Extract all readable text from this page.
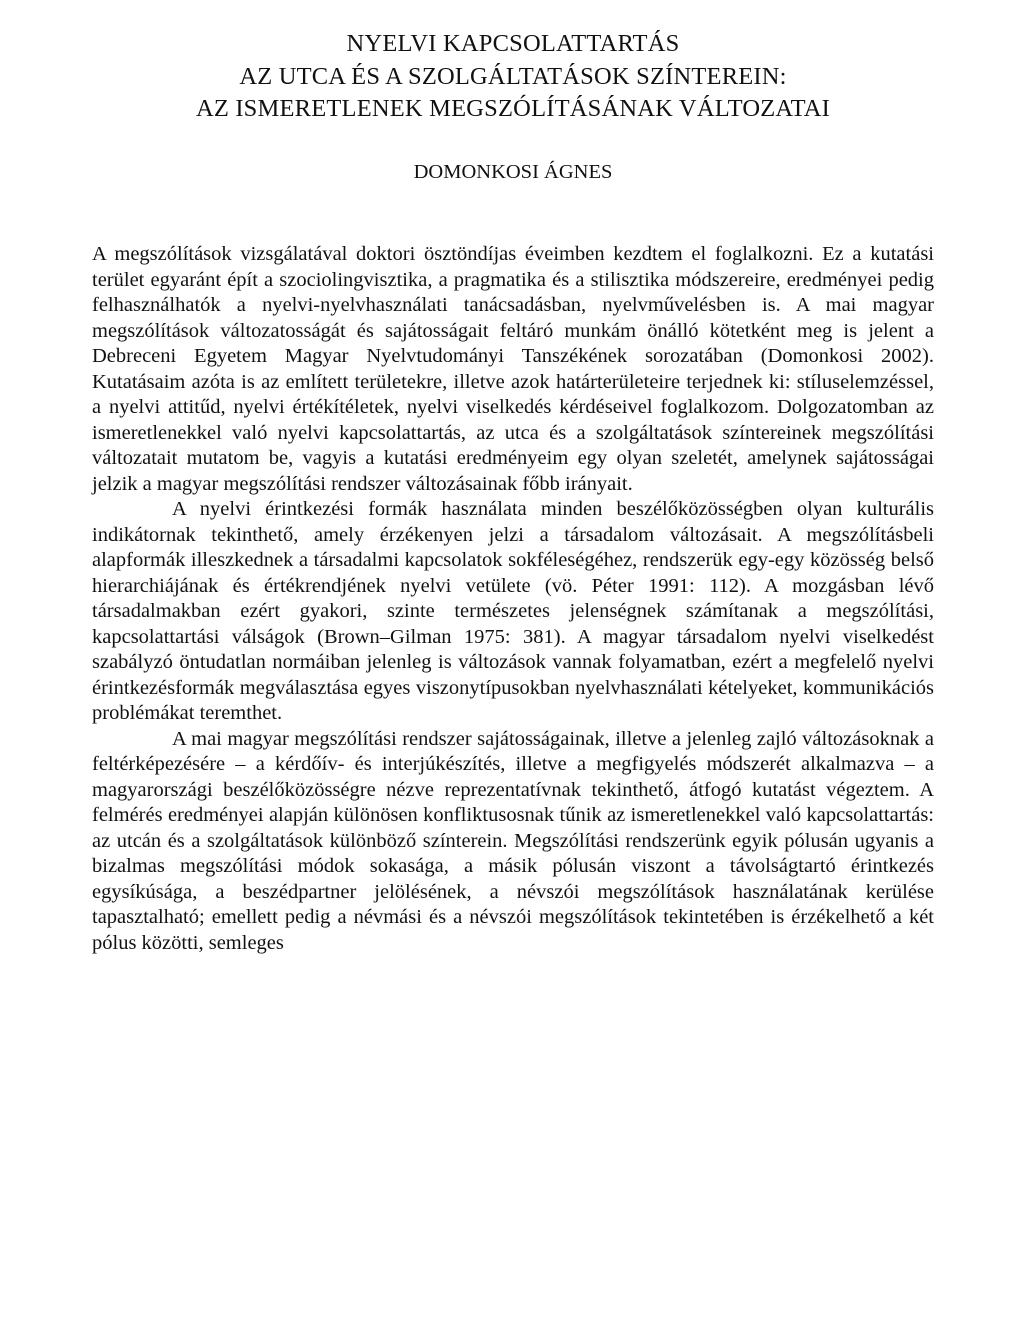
NYELVI KAPCSOLATTARTÁS
AZ UTCA ÉS A SZOLGÁLTATÁSOK SZÍNTEREIN:
AZ ISMERETLENEK MEGSZÓLÍTÁSÁNAK VÁLTOZATAI
DOMONKOSI ÁGNES

A megszólítások vizsgálatával doktori ösztöndíjas éveimben kezdtem el foglalkozni. Ez a kutatási terület egyaránt épít a szociolingvisztika, a pragmatika és a stilisztika módszereire, eredményei pedig felhasználhatók a nyelvi-nyelvhasználati tanácsadásban, nyelvművelésben is. A mai magyar megszólítások változatosságát és sajátosságait feltáró munkám önálló kötetként meg is jelent a Debreceni Egyetem Magyar Nyelvtudományi Tanszékének sorozatában (Domonkosi 2002). Kutatásaim azóta is az említett területekre, illetve azok határterületeire terjednek ki: stíluselemzéssel, a nyelvi attitűd, nyelvi értékítéletek, nyelvi viselkedés kérdéseivel foglalkozom. Dolgozatomban az ismeretlenekkel való nyelvi kapcsolattartás, az utca és a szolgáltatások színtereinek megszólítási változatait mutatom be, vagyis a kutatási eredményeim egy olyan szeletét, amelynek sajátosságai jelzik a magyar megszólítási rendszer változásainak főbb irányait.

A nyelvi érintkezési formák használata minden beszélőközösségben olyan kulturális indikátornak tekinthető, amely érzékenyen jelzi a társadalom változásait. A megszólításbeli alapformák illeszkednek a társadalmi kapcsolatok sokféleségéhez, rendszerük egy-egy közösség belső hierarchiájának és értékrendjének nyelvi vetülete (vö. Péter 1991: 112). A mozgásban lévő társadalmakban ezért gyakori, szinte természetes jelenségnek számítanak a megszólítási, kapcsolattartási válságok (Brown–Gilman 1975: 381). A magyar társadalom nyelvi viselkedést szabályzó öntudatlan normáiban jelenleg is változások vannak folyamatban, ezért a megfelelő nyelvi érintkezésformák megválasztása egyes viszonytípusokban nyelvhasználati kételyeket, kommunikációs problémákat teremthet.

A mai magyar megszólítási rendszer sajátosságainak, illetve a jelenleg zajló változásoknak a feltérképezésére – a kérdőív- és interjúkészítés, illetve a megfigyelés módszerét alkalmazva – a magyarországi beszélőközösségre nézve reprezentatívnak tekinthető, átfogó kutatást végeztem. A felmérés eredményei alapján különösen konfliktusosnak tűnik az ismeretlenekkel való kapcsolattartás: az utcán és a szolgáltatások különböző színterein. Megszólítási rendszerünk egyik pólusán ugyanis a bizalmas megszólítási módok sokasága, a másik pólusán viszont a távolságtartó érintkezés egysíkúsága, a beszédpartner jelölésének, a névszói megszólítások használatának kerülése tapasztalható; emellett pedig a névmási és a névszói megszólítások tekintetében is érzékelhető a két pólus közötti, semleges
